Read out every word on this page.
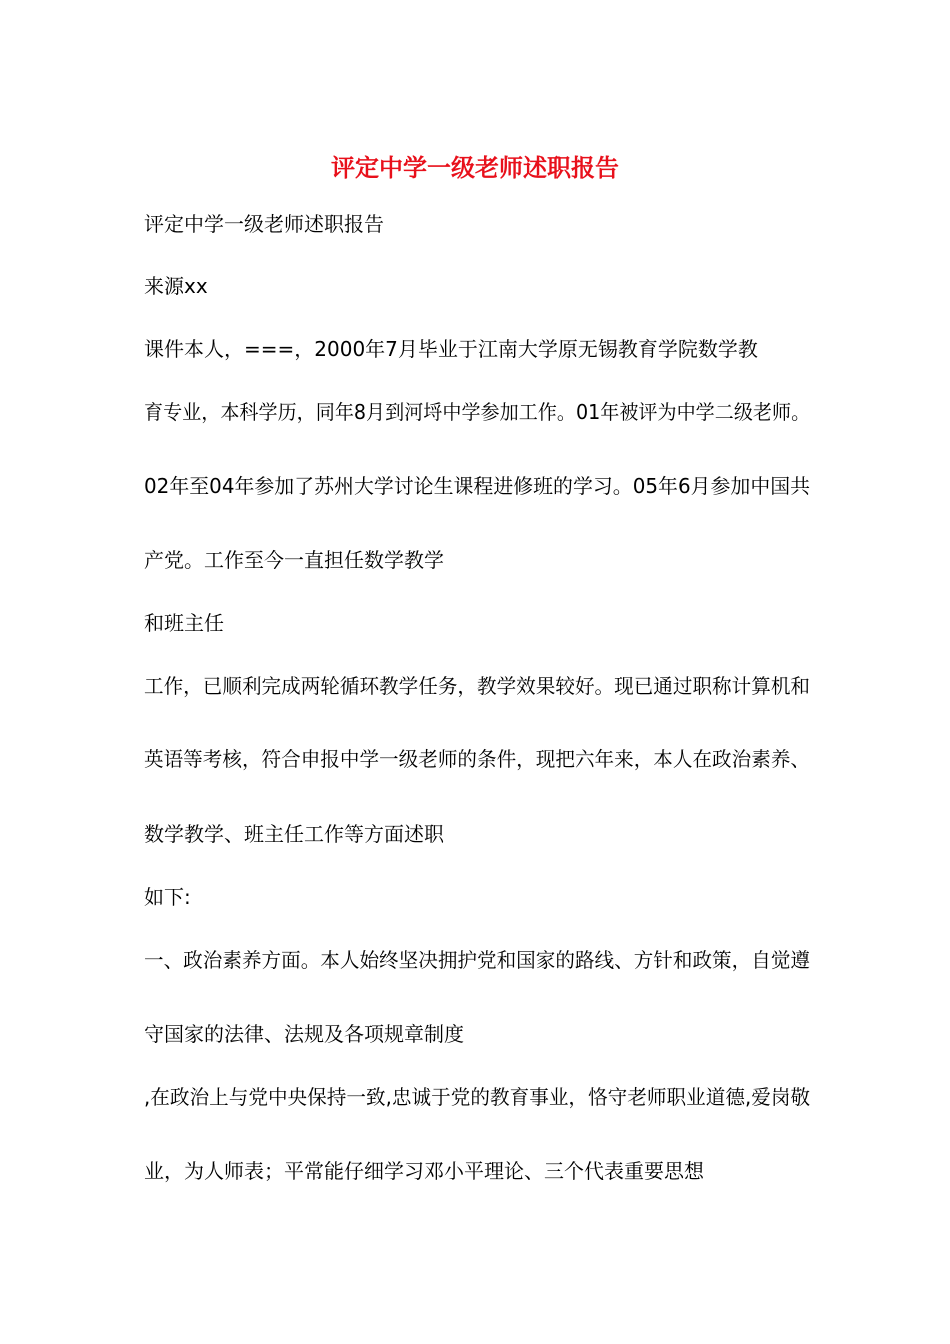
评定中学一级老师述职报告
评定中学一级老师述职报告
来源xx
课件本人，===，2000年7月毕业于江南大学原无锡教育学院数学教
育专业，本科学历，同年8月到河埒中学参加工作。01年被评为中学二级老师。
02年至04年参加了苏州大学讨论生课程进修班的学习。05年6月参加中国共
产党。工作至今一直担任数学教学
和班主任
工作，已顺利完成两轮循环教学任务，教学效果较好。现已通过职称计算机和
英语等考核，符合申报中学一级老师的条件，现把六年来，本人在政治素养、
数学教学、班主任工作等方面述职
如下:
一、政治素养方面。本人始终坚决拥护党和国家的路线、方针和政策，自觉遵
守国家的法律、法规及各项规章制度
,在政治上与党中央保持一致,忠诚于党的教育事业，恪守老师职业道德,爱岗敬
业，为人师表；平常能仔细学习邓小平理论、三个代表重要思想
